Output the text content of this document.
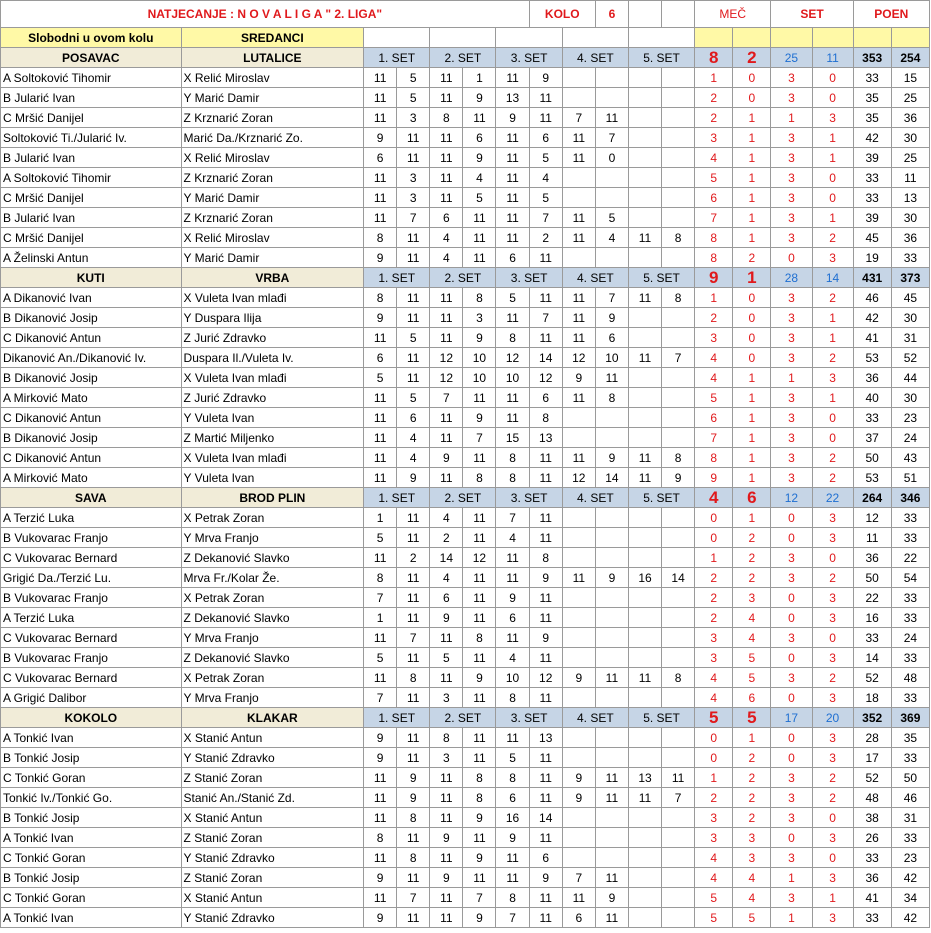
NATJECANJE : N O V A L I G A " 2. LIGA"							KOLO		6			MEČ		SET		POEN	
Slobodni u ovom kolu	SREDANCI																
POSAVAC	LUTALICE	1. SET		2. SET		3. SET		4. SET		5. SET		8	2	25	11	353	254
A Soltoković Tihomir	X Relić Miroslav	11	5	11	1	11	9					1	0	3	0	33	15
B Jularić Ivan	Y Marić Damir	11	5	11	9	13	11					2	0	3	0	35	25
C Mršić Danijel	Z Krznarić Zoran	11	3	8	11	9	11	7	11			2	1	1	3	35	36
Soltoković Ti./Jularić Iv.	Marić Da./Krznarić Zo.	9	11	11	6	11	6	11	7			3	1	3	1	42	30
B Jularić Ivan	X Relić Miroslav	6	11	11	9	11	5	11	0			4	1	3	1	39	25
A Soltoković Tihomir	Z Krznarić Zoran	11	3	11	4	11	4					5	1	3	0	33	11
C Mršić Danijel	Y Marić Damir	11	3	11	5	11	5					6	1	3	0	33	13
B Jularić Ivan	Z Krznarić Zoran	11	7	6	11	11	7	11	5			7	1	3	1	39	30
C Mršić Danijel	X Relić Miroslav	8	11	4	11	11	2	11	4	11	8	8	1	3	2	45	36
A Želinski Antun	Y Marić Damir	9	11	4	11	6	11					8	2	0	3	19	33
KUTI	VRBA	1. SET		2. SET		3. SET		4. SET		5. SET		9	1	28	14	431	373
A Dikanović Ivan	X Vuleta Ivan mlađi	8	11	11	8	5	11	11	7	11	8	1	0	3	2	46	45
B Dikanović Josip	Y Duspara Ilija	9	11	11	3	11	7	11	9			2	0	3	1	42	30
C Dikanović Antun	Z Jurić Zdravko	11	5	11	9	8	11	11	6			3	0	3	1	41	31
Dikanović An./Dikanović Iv.	Duspara Il./Vuleta Iv.	6	11	12	10	12	14	12	10	11	7	4	0	3	2	53	52
B Dikanović Josip	X Vuleta Ivan mlađi	5	11	12	10	10	12	9	11			4	1	1	3	36	44
A Mirković Mato	Z Jurić Zdravko	11	5	7	11	11	6	11	8			5	1	3	1	40	30
C Dikanović Antun	Y Vuleta Ivan	11	6	11	9	11	8					6	1	3	0	33	23
B Dikanović Josip	Z Martić Miljenko	11	4	11	7	15	13					7	1	3	0	37	24
C Dikanović Antun	X Vuleta Ivan mlađi	11	4	9	11	8	11	11	9	11	8	8	1	3	2	50	43
A Mirković Mato	Y Vuleta Ivan	11	9	11	8	8	11	12	14	11	9	9	1	3	2	53	51
SAVA	BROD PLIN	1. SET		2. SET		3. SET		4. SET		5. SET		4	6	12	22	264	346
A Terzić Luka	X Petrak Zoran	1	11	4	11	7	11					0	1	0	3	12	33
B Vukovarac Franjo	Y Mrva Franjo	5	11	2	11	4	11					0	2	0	3	11	33
C Vukovarac Bernard	Z Dekanović Slavko	11	2	14	12	11	8					1	2	3	0	36	22
Grigić Da./Terzić Lu.	Mrva Fr./Kolar Že.	8	11	4	11	11	9	11	9	16	14	2	2	3	2	50	54
B Vukovarac Franjo	X Petrak Zoran	7	11	6	11	9	11					2	3	0	3	22	33
A Terzić Luka	Z Dekanović Slavko	1	11	9	11	6	11					2	4	0	3	16	33
C Vukovarac Bernard	Y Mrva Franjo	11	7	11	8	11	9					3	4	3	0	33	24
B Vukovarac Franjo	Z Dekanović Slavko	5	11	5	11	4	11					3	5	0	3	14	33
C Vukovarac Bernard	X Petrak Zoran	11	8	11	9	10	12	9	11	11	8	4	5	3	2	52	48
A Grigić Dalibor	Y Mrva Franjo	7	11	3	11	8	11					4	6	0	3	18	33
KOKOLO	KLAKAR	1. SET		2. SET		3. SET		4. SET		5. SET		5	5	17	20	352	369
A Tonkić Ivan	X Stanić Antun	9	11	8	11	11	13					0	1	0	3	28	35
B Tonkić Josip	Y Stanić Zdravko	9	11	3	11	5	11					0	2	0	3	17	33
C Tonkić Goran	Z Stanić Zoran	11	9	11	8	8	11	9	11	13	11	1	2	3	2	52	50
Tonkić Iv./Tonkić Go.	Stanić An./Stanić Zd.	11	9	11	8	6	11	9	11	11	7	2	2	3	2	48	46
B Tonkić Josip	X Stanić Antun	11	8	11	9	16	14					3	2	3	0	38	31
A Tonkić Ivan	Z Stanić Zoran	8	11	9	11	9	11					3	3	0	3	26	33
C Tonkić Goran	Y Stanić Zdravko	11	8	11	9	11	6					4	3	3	0	33	23
B Tonkić Josip	Z Stanić Zoran	9	11	9	11	11	9	7	11			4	4	1	3	36	42
C Tonkić Goran	X Stanić Antun	11	7	11	7	8	11	11	9			5	4	3	1	41	34
A Tonkić Ivan	Y Stanić Zdravko	9	11	11	9	7	11	6	11			5	5	1	3	33	42
